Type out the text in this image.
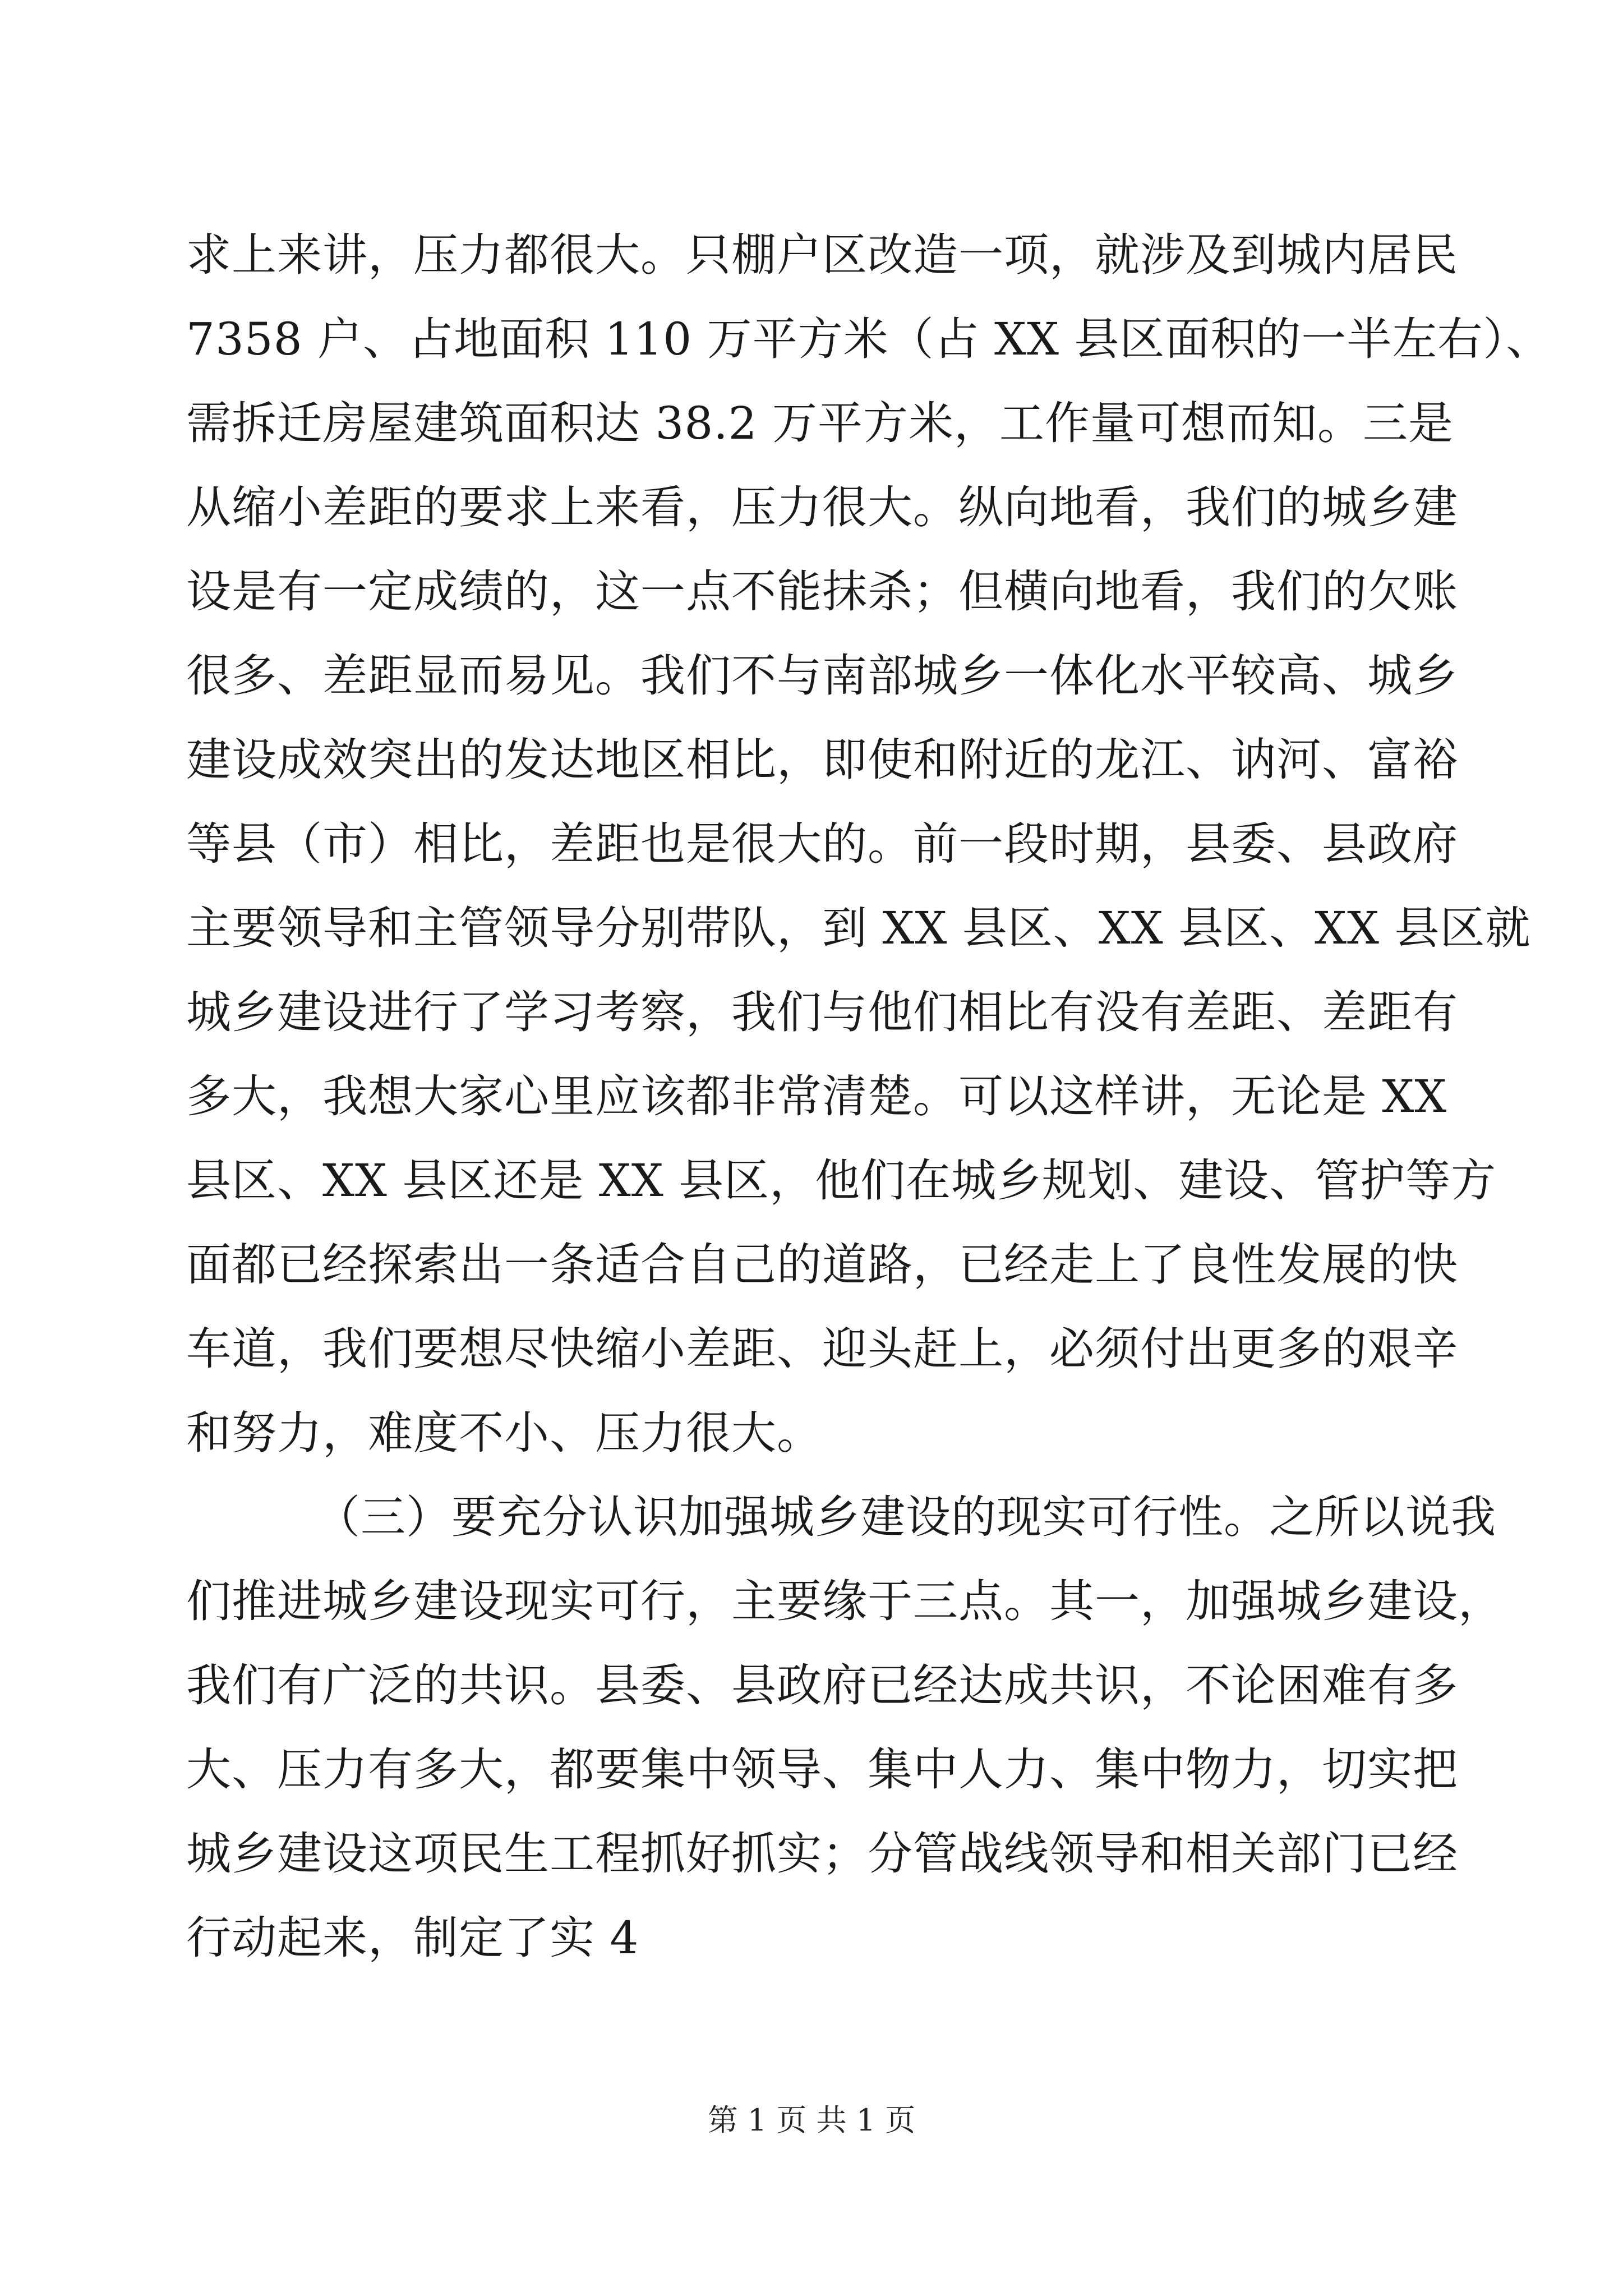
求上来讲，压力都很大。只棚户区改造一项，就涉及到城内居民
7358 户、占地面积 110 万平方米（占 XX 县区面积的一半左右）、
需拆迁房屋建筑面积达 38.2 万平方米，工作量可想而知。三是
从缩小差距的要求上来看，压力很大。纵向地看，我们的城乡建
设是有一定成绩的，这一点不能抹杀；但横向地看，我们的欠账
很多、差距显而易见。我们不与南部城乡一体化水平较高、城乡
建设成效突出的发达地区相比，即使和附近的龙江、讷河、富裕
等县（市）相比，差距也是很大的。前一段时期，县委、县政府
主要领导和主管领导分别带队，到 XX 县区、XX 县区、XX 县区就
城乡建设进行了学习考察，我们与他们相比有没有差距、差距有
多大，我想大家心里应该都非常清楚。可以这样讲，无论是 XX
县区、XX 县区还是 XX 县区，他们在城乡规划、建设、管护等方
面都已经探索出一条适合自己的道路，已经走上了良性发展的快
车道，我们要想尽快缩小差距、迎头赶上，必须付出更多的艰辛
和努力，难度不小、压力很大。
（三）要充分认识加强城乡建设的现实可行性。之所以说我
们推进城乡建设现实可行，主要缘于三点。其一，加强城乡建设，
我们有广泛的共识。县委、县政府已经达成共识，不论困难有多
大、压力有多大，都要集中领导、集中人力、集中物力，切实把
城乡建设这项民生工程抓好抓实；分管战线领导和相关部门已经
行动起来，制定了实 4
第 1 页 共 1 页
